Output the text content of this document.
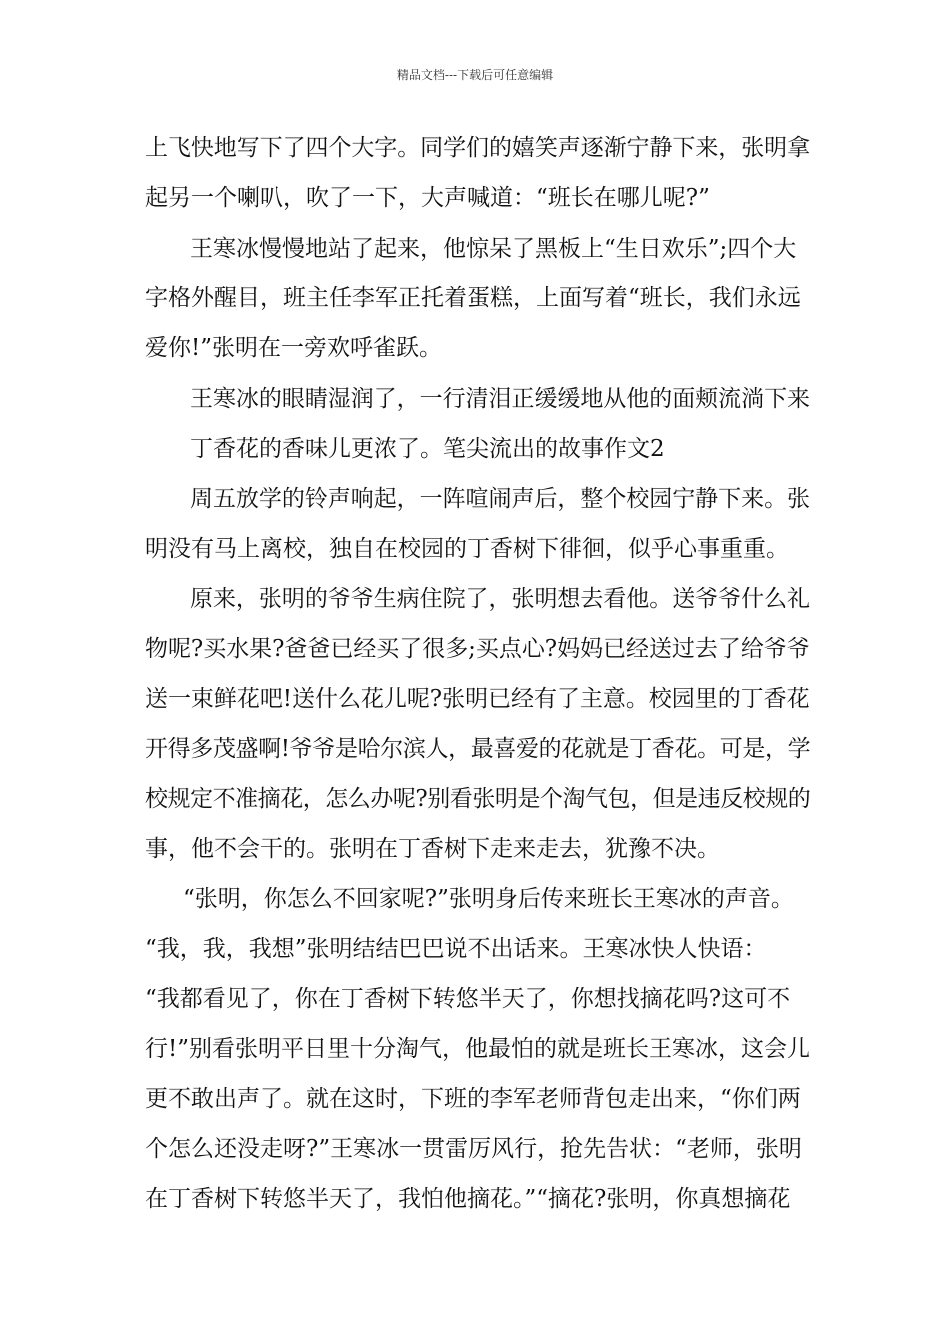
精品文档---下载后可任意编辑
上飞快地写下了四个大字。同学们的嬉笑声逐渐宁静下来，张明拿
起另一个喇叭，吹了一下，大声喊道：“班长在哪儿呢?”
王寒冰慢慢地站了起来，他惊呆了黑板上“生日欢乐”;四个大
字格外醒目，班主任李军正托着蛋糕，上面写着“班长，我们永远
爱你!”张明在一旁欢呼雀跃。
王寒冰的眼睛湿润了，一行清泪正缓缓地从他的面颊流淌下来
丁香花的香味儿更浓了。笔尖流出的故事作文2
周五放学的铃声响起，一阵喧闹声后，整个校园宁静下来。张
明没有马上离校，独自在校园的丁香树下徘徊，似乎心事重重。
原来，张明的爷爷生病住院了，张明想去看他。送爷爷什么礼
物呢?买水果?爸爸已经买了很多;买点心?妈妈已经送过去了给爷爷
送一束鲜花吧!送什么花儿呢?张明已经有了主意。校园里的丁香花
开得多茂盛啊!爷爷是哈尔滨人，最喜爱的花就是丁香花。可是，学
校规定不准摘花，怎么办呢?别看张明是个淘气包，但是违反校规的
事，他不会干的。张明在丁香树下走来走去，犹豫不决。
“张明，你怎么不回家呢?”张明身后传来班长王寒冰的声音。
“我，我，我想”张明结结巴巴说不出话来。王寒冰快人快语：
“我都看见了，你在丁香树下转悠半天了，你想找摘花吗?这可不
行!”别看张明平日里十分淘气，他最怕的就是班长王寒冰，这会儿
更不敢出声了。就在这时，下班的李军老师背包走出来，“你们两
个怎么还没走呀?”王寒冰一贯雷厉风行，抢先告状：“老师，张明
在丁香树下转悠半天了，我怕他摘花。”“摘花?张明，你真想摘花
